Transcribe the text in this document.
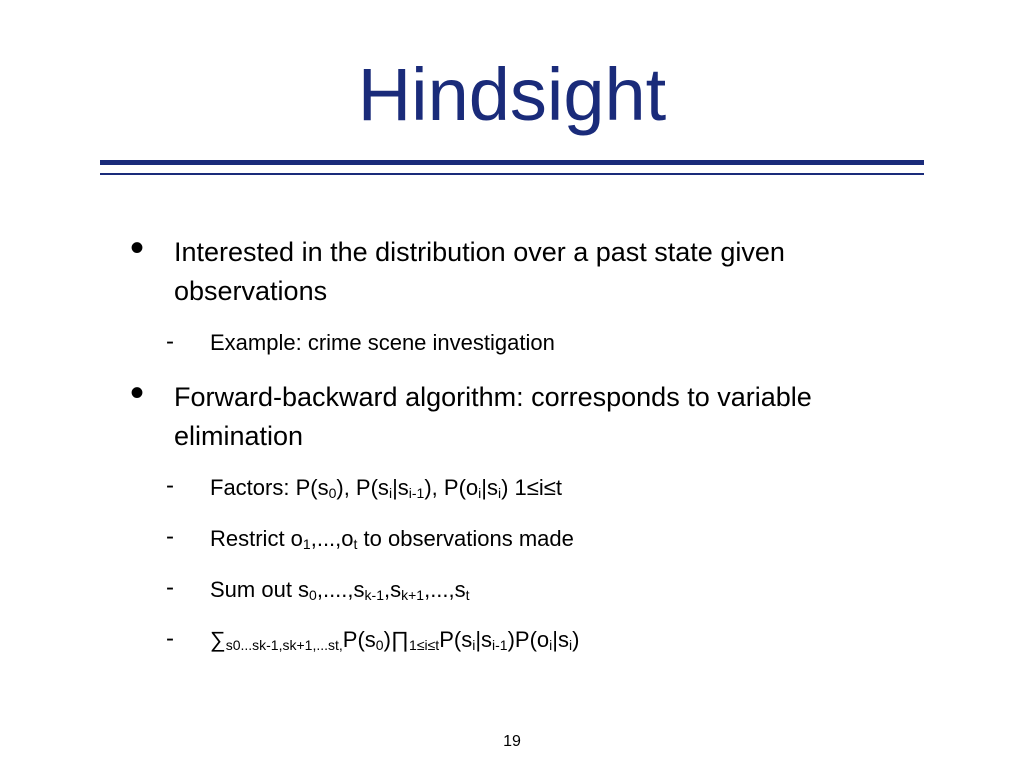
Hindsight
• Interested in the distribution over a past state given observations
- Example: crime scene investigation
• Forward-backward algorithm: corresponds to variable elimination
- Factors: $P(s_0)$, $P(s_i|s_{i-1})$, $P(o_i|s_i)$ 1≤i≤t
- Restrict $o_1,...,o_t$ to observations made
- Sum out $s_0,....,s_{k-1},s_{k+1},...,s_t$
- $\sum_{s0...sk-1,sk+1,...st,}P(s_0)\prod_{1\le i\le t}P(s_i|s_{i-1})P(o_i|s_i)$
19
